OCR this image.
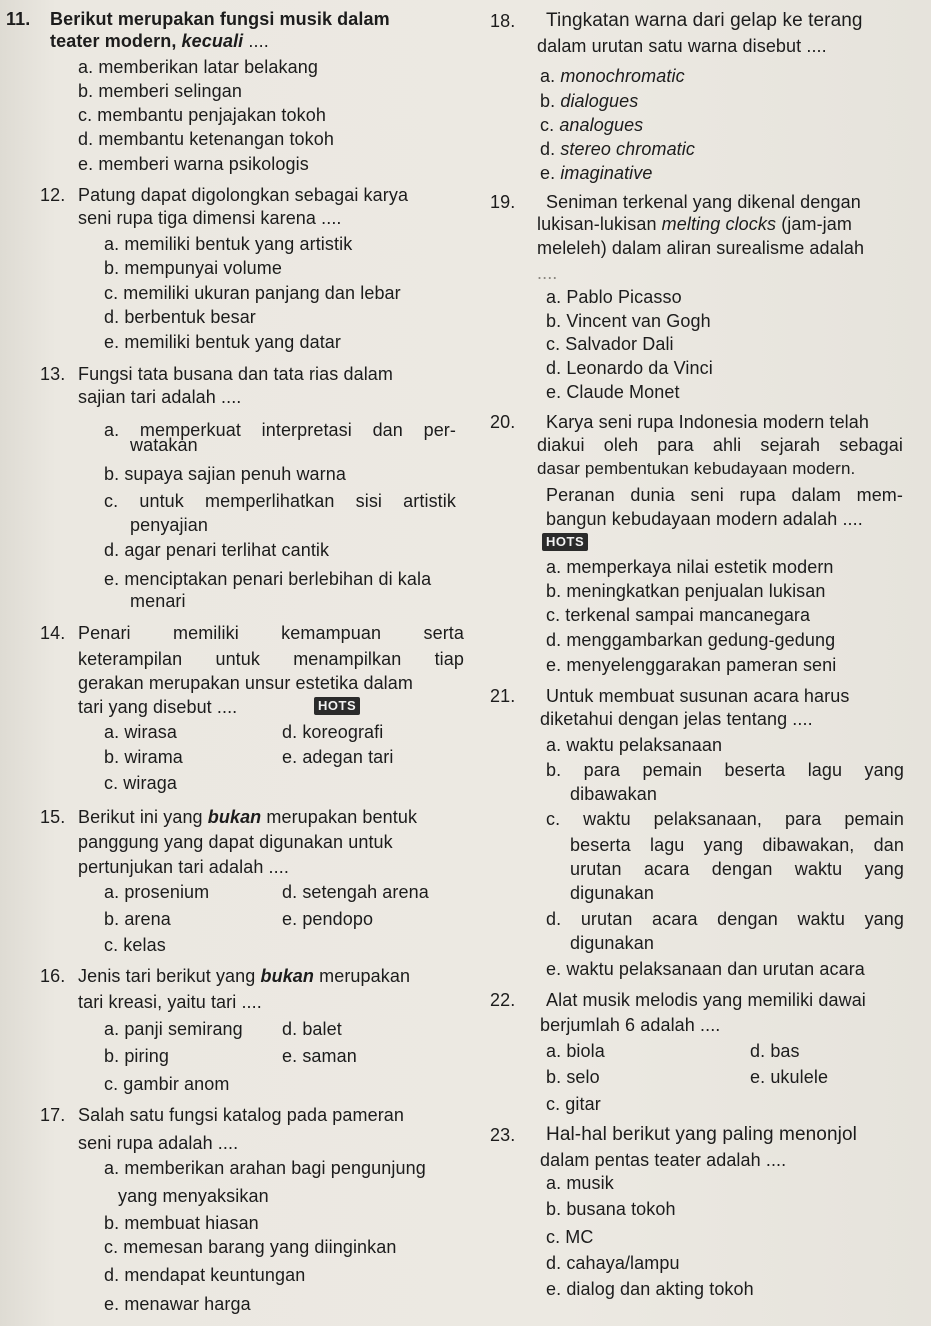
11. Berikut merupakan fungsi musik dalam
teater modern, kecuali ....
a. memberikan latar belakang
b. memberi selingan
c. membantu penjajakan tokoh
d. membantu ketenangan tokoh
e. memberi warna psikologis
12. Patung dapat digolongkan sebagai karya
seni rupa tiga dimensi karena ....
a. memiliki bentuk yang artistik
b. mempunyai volume
c. memiliki ukuran panjang dan lebar
d. berbentuk besar
e. memiliki bentuk yang datar
13. Fungsi tata busana dan tata rias dalam
sajian tari adalah ....
a. memperkuat interpretasi dan per-
watakan
b. supaya sajian penuh warna
c. untuk memperlihatkan sisi artistik
penyajian
d. agar penari terlihat cantik
e. menciptakan penari berlebihan di kala
menari
14. Penari memiliki kemampuan serta
keterampilan untuk menampilkan tiap
gerakan merupakan unsur estetika dalam
tari yang disebut ....	HOTS
a. wirasa	d. koreografi
b. wirama	e. adegan tari
c. wiraga
15. Berikut ini yang bukan merupakan bentuk
panggung yang dapat digunakan untuk
pertunjukan tari adalah ....
a. prosenium	d. setengah arena
b. arena	e. pendopo
c. kelas
16. Jenis tari berikut yang bukan merupakan
tari kreasi, yaitu tari ....
a. panji semirang d. balet
b. piring	e. saman
c. gambir anom
17. Salah satu fungsi katalog pada pameran
seni rupa adalah ....
a. memberikan arahan bagi pengunjung
yang menyaksikan
b. membuat hiasan
c. memesan barang yang diinginkan
d. mendapat keuntungan
e. menawar harga
18. Tingkatan warna dari gelap ke terang
dalam urutan satu warna disebut ....
a. monochromatic
b. dialogues
c. analogues
d. stereo chromatic
e. imaginative
19. Seniman terkenal yang dikenal dengan
lukisan-lukisan melting clocks (jam-jam
meleleh) dalam aliran surealisme adalah
....
a. Pablo Picasso
b. Vincent van Gogh
c. Salvador Dali
d. Leonardo da Vinci
e. Claude Monet
20. Karya seni rupa Indonesia modern telah
diakui oleh para ahli sejarah sebagai
dasar pembentukan kebudayaan modern.
Peranan dunia seni rupa dalam mem-
bangun kebudayaan modern adalah ....
HOTS
a. memperkaya nilai estetik modern
b. meningkatkan penjualan lukisan
c. terkenal sampai mancanegara
d. menggambarkan gedung-gedung
e. menyelenggarakan pameran seni
21. Untuk membuat susunan acara harus
diketahui dengan jelas tentang ....
a. waktu pelaksanaan
b. para pemain beserta lagu yang
dibawakan
c. waktu pelaksanaan, para pemain
beserta lagu yang dibawakan, dan
urutan acara dengan waktu yang
digunakan
d. urutan acara dengan waktu yang
digunakan
e. waktu pelaksanaan dan urutan acara
22. Alat musik melodis yang memiliki dawai
berjumlah 6 adalah ....
a. biola	d. bas
b. selo	e. ukulele
c. gitar
23. Hal-hal berikut yang paling menonjol
dalam pentas teater adalah ....
a. musik
b. busana tokoh
c. MC
d. cahaya/lampu
e. dialog dan akting tokoh
